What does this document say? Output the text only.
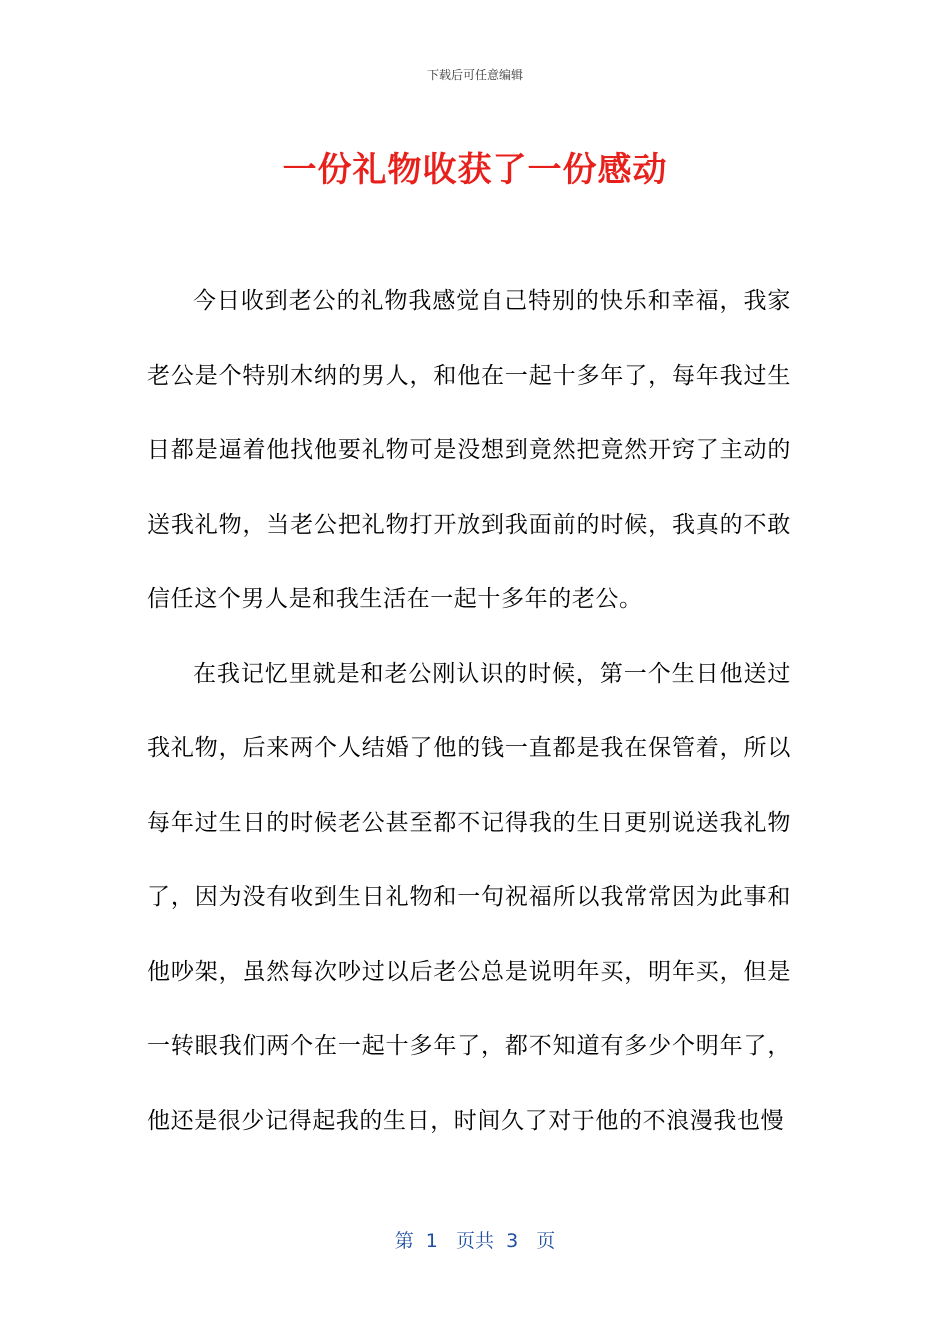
下载后可任意编辑
一份礼物收获了一份感动

今日收到老公的礼物我感觉自己特别的快乐和幸福，我家老公是个特别木纳的男人，和他在一起十多年了，每年我过生日都是逼着他找他要礼物可是没想到竟然把竟然开窍了主动的送我礼物，当老公把礼物打开放到我面前的时候，我真的不敢信任这个男人是和我生活在一起十多年的老公。

在我记忆里就是和老公刚认识的时候，第一个生日他送过我礼物，后来两个人结婚了他的钱一直都是我在保管着，所以每年过生日的时候老公甚至都不记得我的生日更别说送我礼物了，因为没有收到生日礼物和一句祝福所以我常常因为此事和他吵架，虽然每次吵过以后老公总是说明年买，明年买，但是一转眼我们两个在一起十多年了，都不知道有多少个明年了，他还是很少记得起我的生日，时间久了对于他的不浪漫我也慢

第  1   页共  3   页
